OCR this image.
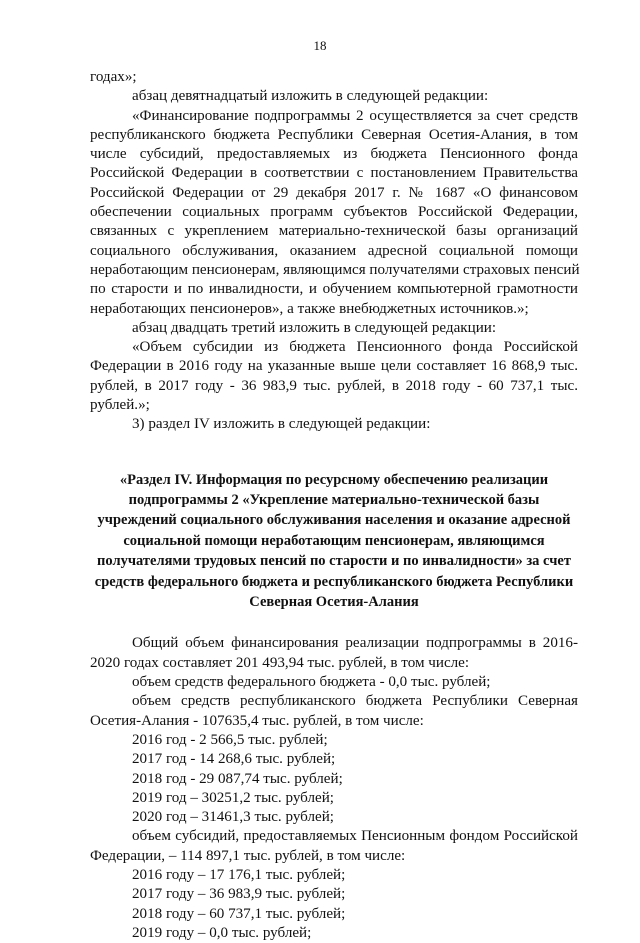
18
годах»;
абзац девятнадцатый изложить в следующей редакции:
«Финансирование подпрограммы 2 осуществляется за счет средств
республиканского бюджета Республики Северная Осетия-Алания, в том
числе субсидий, предоставляемых из бюджета Пенсионного фонда
Российской Федерации в соответствии с постановлением Правительства
Российской Федерации от 29 декабря 2017 г. № 1687 «О финансовом
обеспечении социальных программ субъектов Российской Федерации,
связанных с укреплением материально-технической базы организаций
социального обслуживания, оказанием адресной социальной помощи
неработающим пенсионерам, являющимся получателями страховых пенсий
по старости и по инвалидности, и обучением компьютерной грамотности
неработающих пенсионеров», а также внебюджетных источников.»;
абзац двадцать третий изложить в следующей редакции:
«Объем субсидии из бюджета Пенсионного фонда Российской
Федерации в 2016 году на указанные выше цели составляет 16 868,9 тыс.
рублей, в 2017 году - 36 983,9 тыс. рублей, в 2018 году - 60 737,1 тыс.
рублей.»;
3) раздел IV изложить в следующей редакции:
«Раздел IV. Информация по ресурсному обеспечению реализации
подпрограммы 2 «Укрепление материально-технической базы
учреждений социального обслуживания населения и оказание адресной
социальной помощи неработающим пенсионерам, являющимся
получателями трудовых пенсий по старости и по инвалидности» за счет
средств федерального бюджета и республиканского бюджета Республики
Северная Осетия-Алания
Общий объем финансирования реализации подпрограммы в 2016-
2020 годах составляет 201 493,94 тыс. рублей, в том числе:
объем средств федерального бюджета - 0,0 тыс. рублей;
объем средств республиканского бюджета Республики Северная
Осетия-Алания - 107635,4 тыс. рублей, в том числе:
2016 год - 2 566,5 тыс. рублей;
2017 год - 14 268,6 тыс. рублей;
2018 год - 29 087,74 тыс. рублей;
2019 год – 30251,2 тыс. рублей;
2020 год – 31461,3 тыс. рублей;
объем субсидий, предоставляемых Пенсионным фондом Российской
Федерации, – 114 897,1 тыс. рублей, в том числе:
2016 году – 17 176,1 тыс. рублей;
2017 году – 36 983,9 тыс. рублей;
2018 году – 60 737,1 тыс. рублей;
2019 году – 0,0 тыс. рублей;
